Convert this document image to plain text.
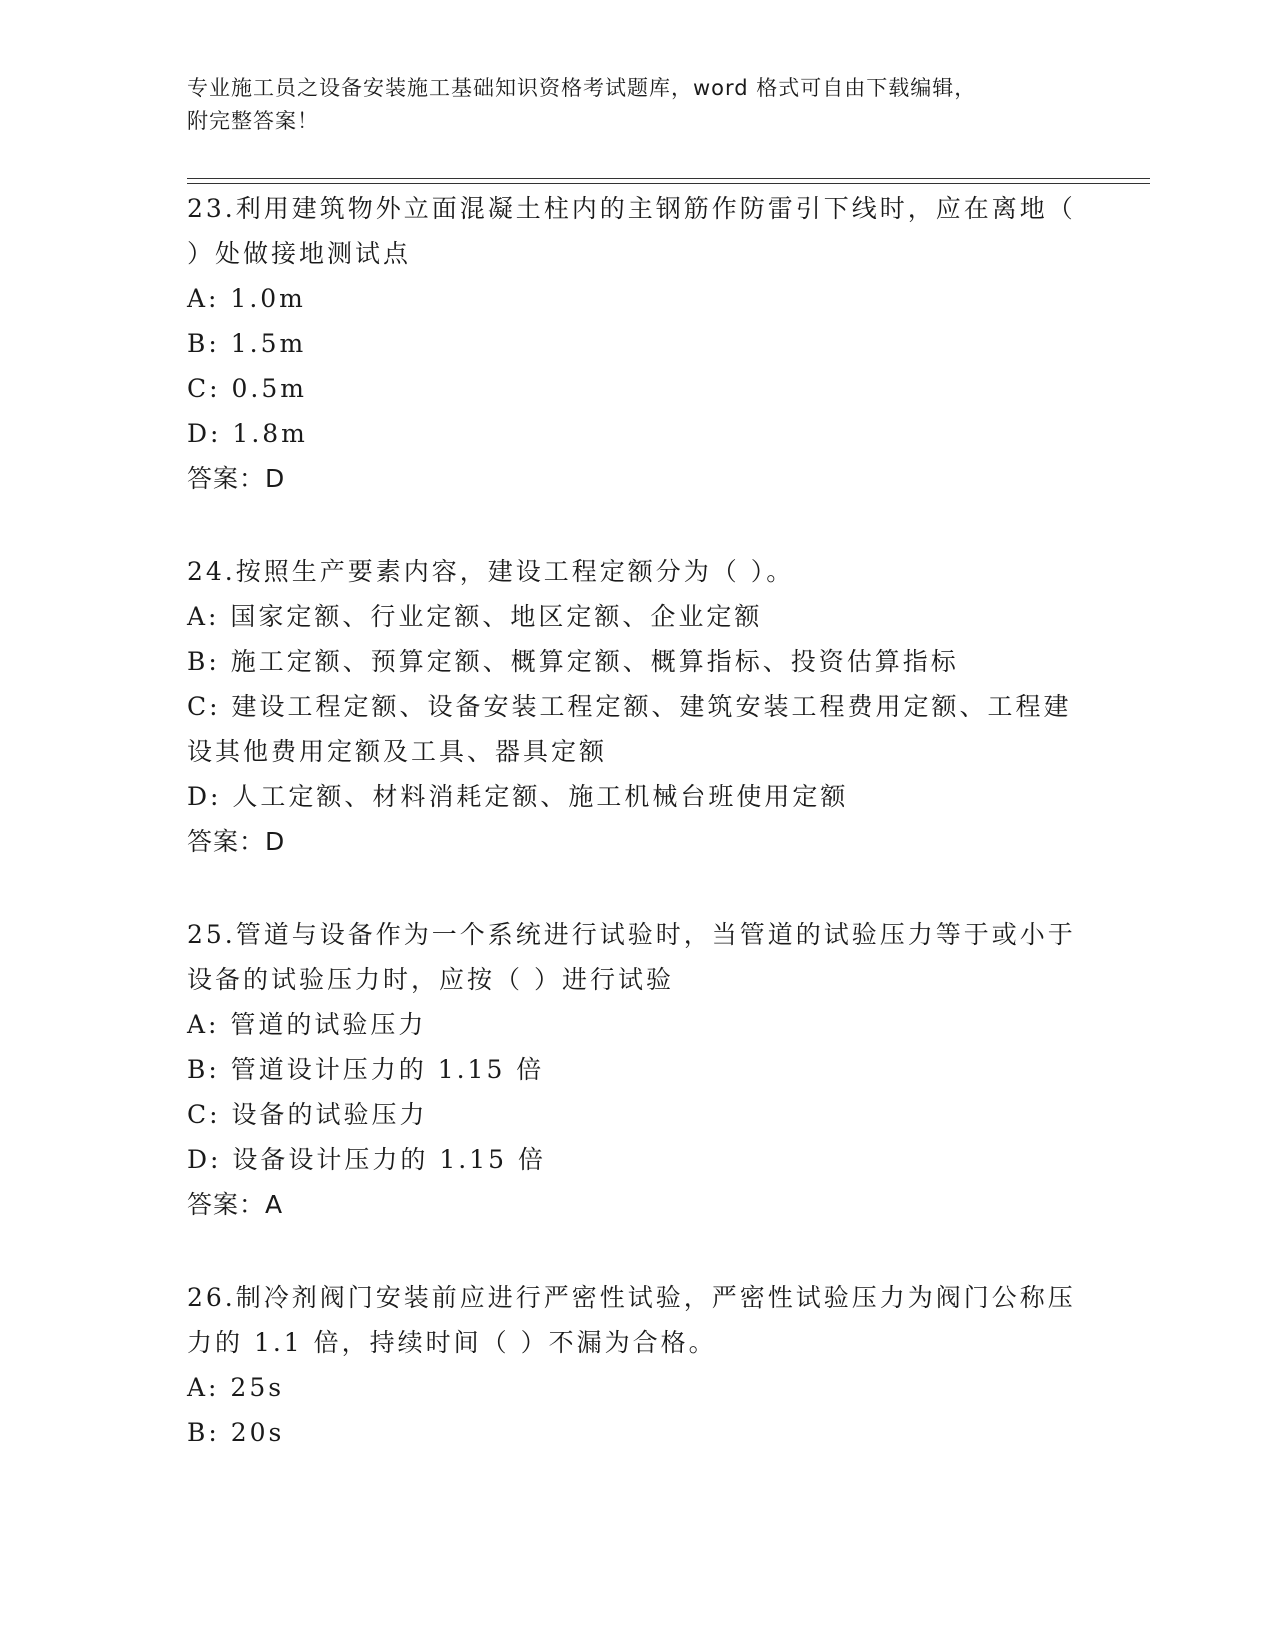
专业施工员之设备安装施工基础知识资格考试题库，word 格式可自由下载编辑，
附完整答案！
23.利用建筑物外立面混凝土柱内的主钢筋作防雷引下线时，应在离地（ ）处做接地测试点
A: 1.0m
B: 1.5m
C: 0.5m
D: 1.8m
答案：D
24.按照生产要素内容，建设工程定额分为（ ）。
A: 国家定额、行业定额、地区定额、企业定额
B: 施工定额、预算定额、概算定额、概算指标、投资估算指标
C: 建设工程定额、设备安装工程定额、建筑安装工程费用定额、工程建设其他费用定额及工具、器具定额
D: 人工定额、材料消耗定额、施工机械台班使用定额
答案：D
25.管道与设备作为一个系统进行试验时，当管道的试验压力等于或小于设备的试验压力时，应按（ ）进行试验
A: 管道的试验压力
B: 管道设计压力的 1.15 倍
C: 设备的试验压力
D: 设备设计压力的 1.15 倍
答案：A
26.制冷剂阀门安装前应进行严密性试验，严密性试验压力为阀门公称压力的 1.1 倍，持续时间（ ）不漏为合格。
A: 25s
B: 20s
